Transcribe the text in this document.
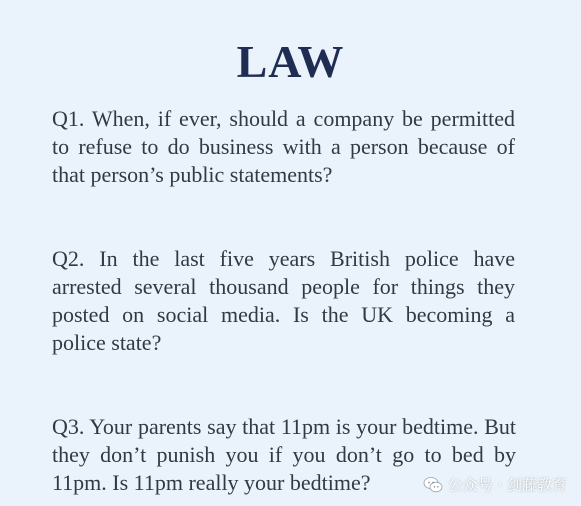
LAW

Q1. When, if ever, should a company be permitted to refuse to do business with a person because of that person’s public statements?

Q2. In the last five years British police have arrested several thousand people for things they posted on social media. Is the UK becoming a police state?

Q3. Your parents say that 11pm is your bedtime. But they don’t punish you if you don’t go to bed by 11pm. Is 11pm really your bedtime?	公众号 · 剑藤教育
